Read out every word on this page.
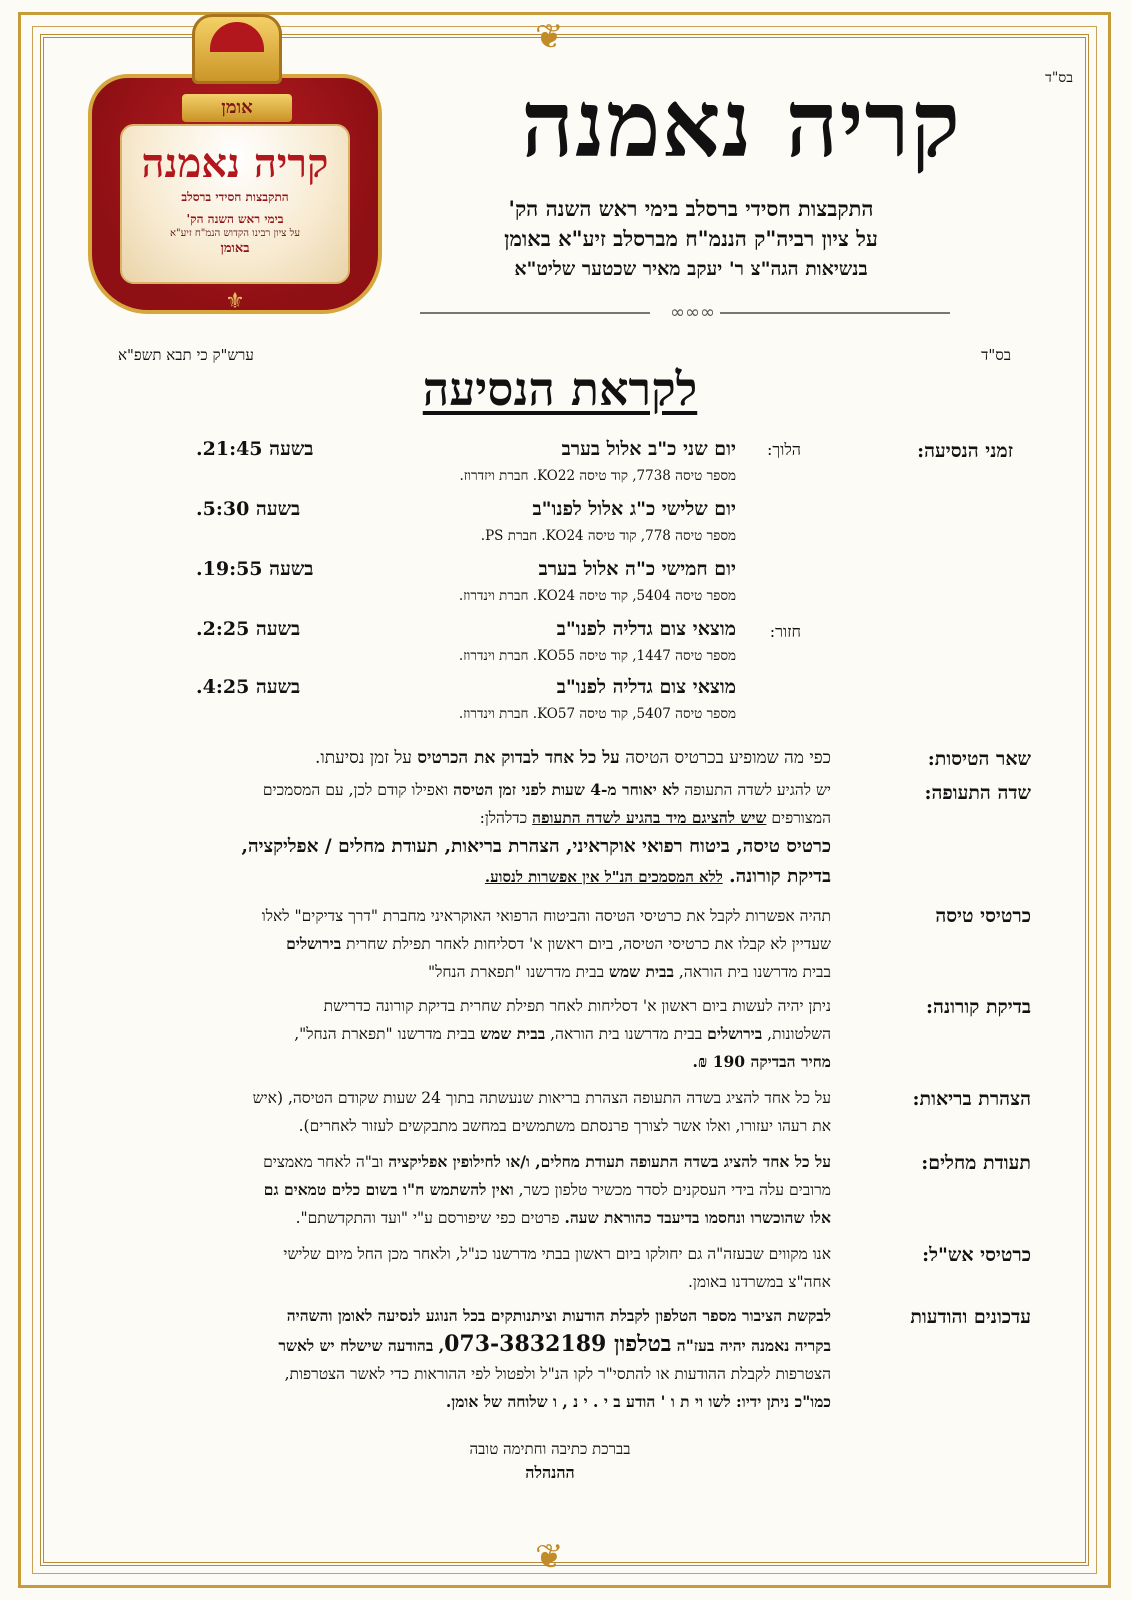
❦
❦
בס"ד
אומן
קריה נאמנה
התקבצות חסידי ברסלב
בימי ראש השנה הק'
על ציון רבינו הקדוש הנמ"ח זיע"א
באומן
⚜
קריה נאמנה
התקבצות חסידי ברסלב בימי ראש השנה הק'
על ציון רביה"ק הננמ"ח מברסלב זיע"א באומן
בנשיאות הגה"צ ר' יעקב מאיר שכטער שליט"א
∞∞∞
בס"ד
ערש"ק כי תבא תשפ"א
לקראת הנסיעה
זמני הנסיעה:
הלוך:
חזור:
יום שני כ"ב אלול בערב
בשעה 21:45.
מספר טיסה 7738, קוד טיסה KO22. חברת ויזדרוז.
יום שלישי כ"ג אלול לפנו"ב
בשעה 5:30.
מספר טיסה 778, קוד טיסה KO24. חברת PS.
יום חמישי כ"ה אלול בערב
בשעה 19:55.
מספר טיסה 5404, קוד טיסה KO24. חברת וינדרוז.
מוצאי צום גדליה לפנו"ב
בשעה 2:25.
מספר טיסה 1447, קוד טיסה KO55. חברת וינדרוז.
מוצאי צום גדליה לפנו"ב
בשעה 4:25.
מספר טיסה 5407, קוד טיסה KO57. חברת וינדרוז.
שאר הטיסות:
כפי מה שמופיע בכרטיס הטיסה על כל אחד לבדוק את הכרטיס על זמן נסיעתו.
שדה התעופה:
יש להגיע לשדה התעופה לא יאוחר מ-4 שעות לפני זמן הטיסה ואפילו קודם לכן, עם המסמכים
המצורפים שיש להציגם מיד בהגיע לשדה התעופה כדלהלן:
כרטיס טיסה, ביטוח רפואי אוקראיני, הצהרת בריאות, תעודת מחלים / אפליקציה,
בדיקת קורונה. ללא המסמכים הנ"ל אין אפשרות לנסוע.
כרטיסי טיסה
תהיה אפשרות לקבל את כרטיסי הטיסה והביטוח הרפואי האוקראיני מחברת "דרך צדיקים" לאלו
שעדיין לא קבלו את כרטיסי הטיסה, ביום ראשון א' דסליחות לאחר תפילת שחרית בירושלים
בבית מדרשנו בית הוראה, בבית שמש בבית מדרשנו "תפארת הנחל"
בדיקת קורונה:
ניתן יהיה לעשות ביום ראשון א' דסליחות לאחר תפילת שחרית בדיקת קורונה כדרישת
השלטונות, בירושלים בבית מדרשנו בית הוראה, בבית שמש בבית מדרשנו "תפארת הנחל",
מחיר הבדיקה 190 ₪.
הצהרת בריאות:
על כל אחד להציג בשדה התעופה הצהרת בריאות שנעשתה בתוך 24 שעות שקודם הטיסה, (איש
את רעהו יעזורו, ואלו אשר לצורך פרנסתם משתמשים במחשב מתבקשים לעזור לאחרים).
תעודת מחלים:
על כל אחד להציג בשדה התעופה תעודת מחלים, ו/או לחילופין אפליקציה וב"ה לאחר מאמצים
מרובים עלה בידי העסקנים לסדר מכשיר טלפון כשר, ואין להשתמש ח"ו בשום כלים טמאים גם
אלו שהוכשרו ונחסמו בדיעבד כהוראת שעה. פרטים כפי שיפורסם ע"י "ועד והתקדשתם".
כרטיסי אש"ל:
אנו מקווים שבעזה"ה גם יחולקו ביום ראשון בבתי מדרשנו כנ"ל, ולאחר מכן החל מיום שלישי
אחה"צ במשרדנו באומן.
עדכונים והודעות
לבקשת הציבור מספר הטלפון לקבלת הודעות וציתנותקים בכל הנוגע לנסיעה לאומן והשהיה
בקריה נאמנה יהיה בעז"ה בטלפון 073-3832189, בהודעה שישלח יש לאשר
הצטרפות לקבלת ההודעות או להתסי"ר לקו הנ"ל ולפטול לפי ההוראות כדי לאשר הצטרפות,
כמו"כ ניתן ידיו: לשו וי ת ו ' הודע ב י . י נ , ו שלוחה של אומן.
בברכת כתיבה וחתימה טובה
ההנהלה
